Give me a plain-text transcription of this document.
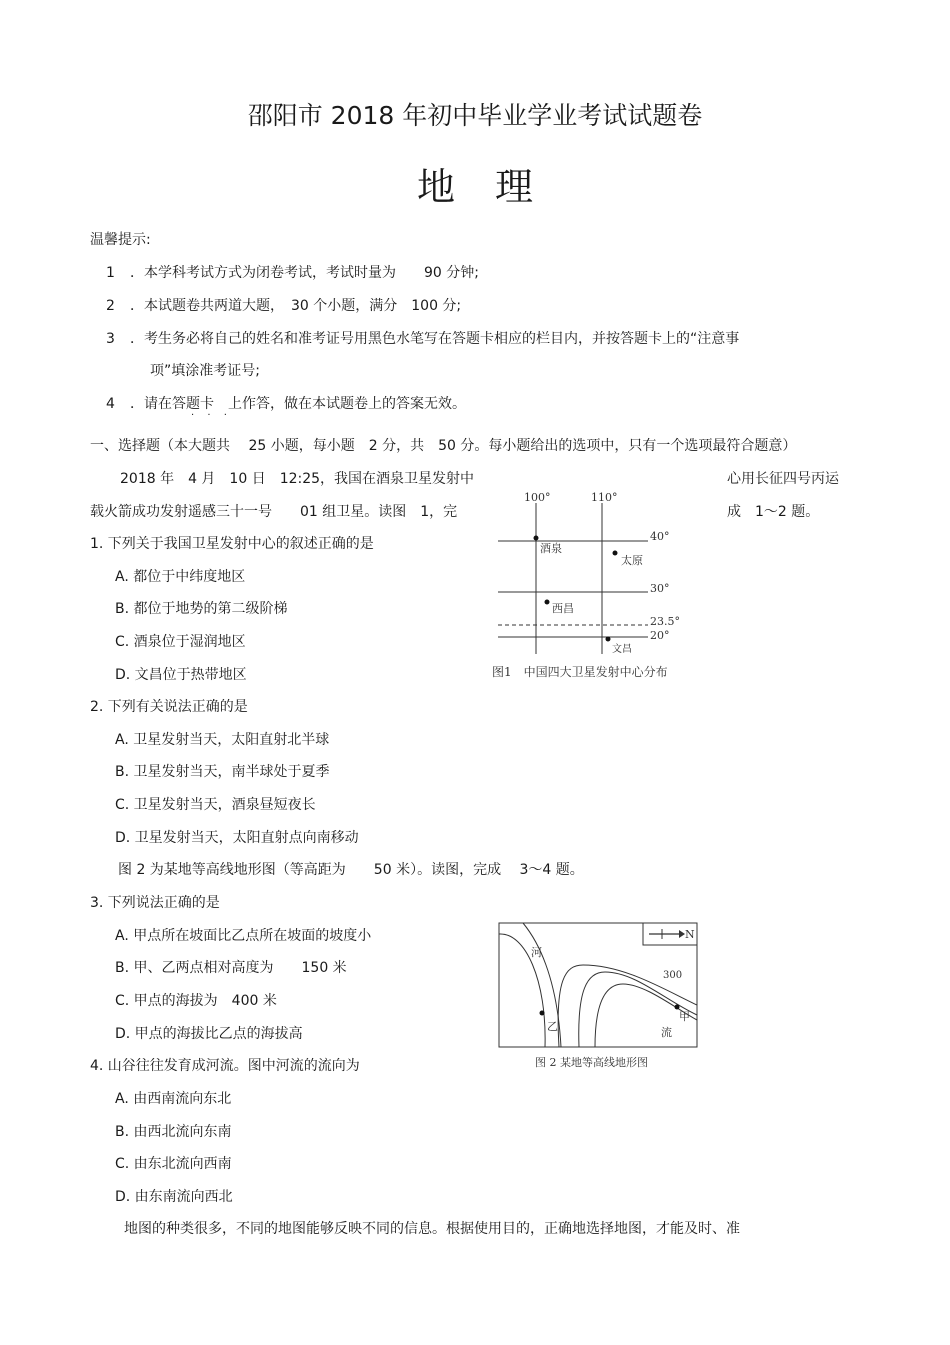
邵阳市 2018 年初中毕业学业考试试题卷
地理
温馨提示:
1 ．本学科考试方式为闭卷考试，考试时量为　　90 分钟;
2 ．本试题卷共两道大题，　30 个小题，满分　100 分;
3 ．考生务必将自己的姓名和准考证号用黑色水笔写在答题卡相应的栏目内，并按答题卡上的“注意事
项”填涂准考证号;
4 ．请在答题卡　上作答，做在本试题卷上的答案无效。
· · ·
一、选择题（本大题共　 25 小题，每小题　2 分，共　50 分。每小题给出的选项中，只有一个选项最符合题意）
2018 年　4 月　10 日　12:25，我国在酒泉卫星发射中	心用长征四号丙运
载火箭成功发射遥感三十一号　　01 组卫星。读图　1，完	成　1～2 题。
1. 下列关于我国卫星发射中心的叙述正确的是
A. 都位于中纬度地区
B. 都位于地势的第二级阶梯
C. 酒泉位于湿润地区
D. 文昌位于热带地区
2. 下列有关说法正确的是
A. 卫星发射当天，太阳直射北半球
B. 卫星发射当天，南半球处于夏季
C. 卫星发射当天，酒泉昼短夜长
D. 卫星发射当天，太阳直射点向南移动
图 2 为某地等高线地形图（等高距为　　50 米）。读图，完成　 3～4 题。
3. 下列说法正确的是
A. 甲点所在坡面比乙点所在坡面的坡度小
B. 甲、乙两点相对高度为　　150 米
C. 甲点的海拔为　400 米
D. 甲点的海拔比乙点的海拔高
4. 山谷往往发育成河流。图中河流的流向为
A. 由西南流向东北
B. 由西北流向东南
C. 由东北流向西南
D. 由东南流向西北
地图的种类很多，不同的地图能够反映不同的信息。根据使用目的，正确地选择地图，才能及时、准
100°	110°
40°
30°
23.5°
20°
酒泉
太原
西昌
文昌
图1　中国四大卫星发射中心分布
N
300
河
流
甲
乙
图 2 某地等高线地形图
